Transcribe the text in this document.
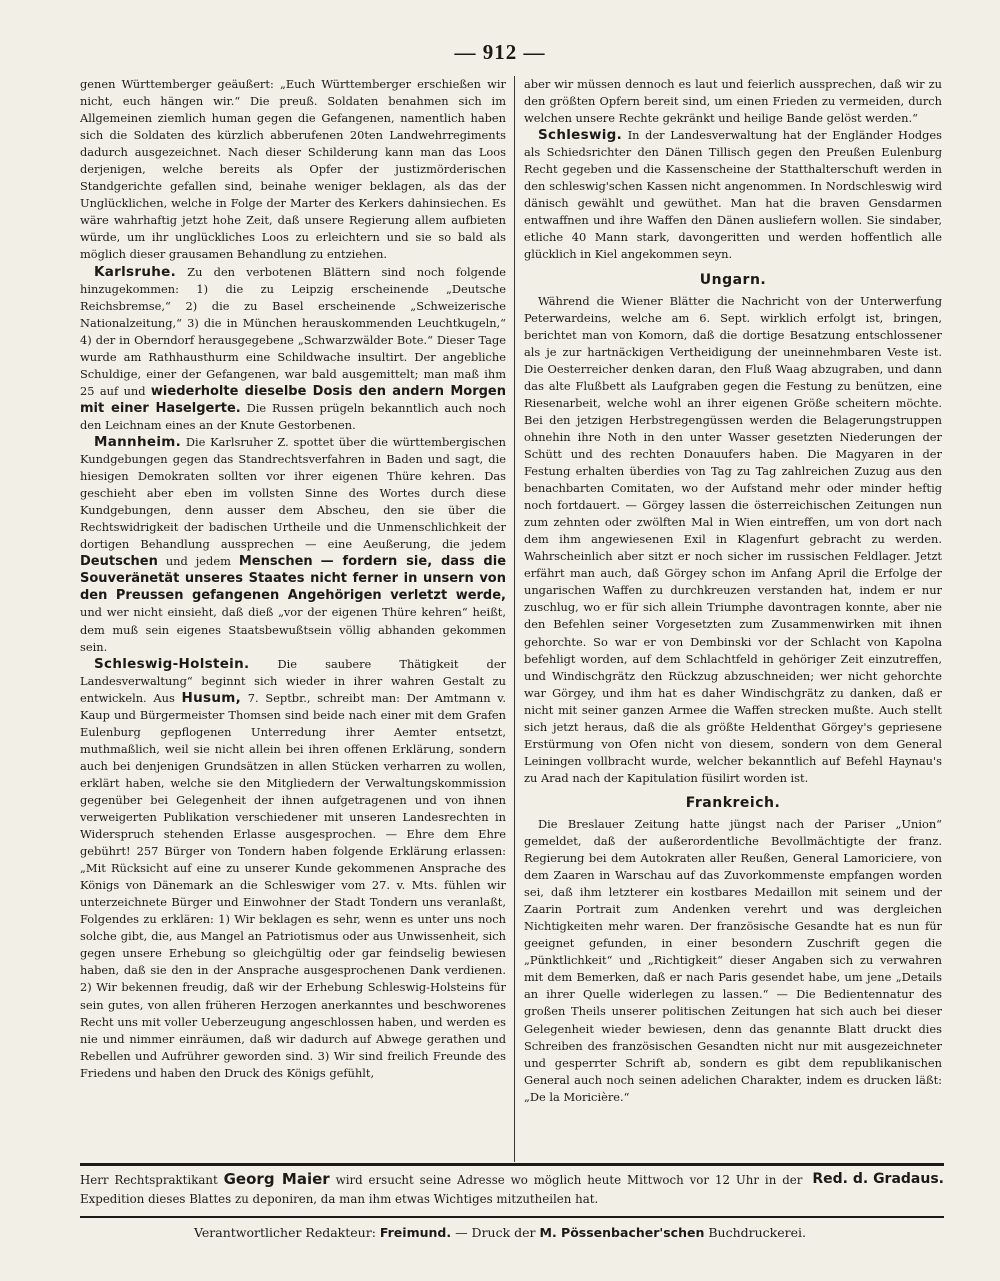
— 912 —

genen Württemberger geäußert: „Euch Württemberger erschießen wir nicht, euch hängen wir.“ Die preuß. Soldaten benahmen sich im Allgemeinen ziemlich human gegen die Gefangenen, namentlich haben sich die Soldaten des kürzlich abberufenen 20ten Landwehrregiments dadurch ausgezeichnet. Nach dieser Schilderung kann man das Loos derjenigen, welche bereits als Opfer der justizmörderischen Standgerichte gefallen sind, beinahe weniger beklagen, als das der Unglücklichen, welche in Folge der Marter des Kerkers dahinsiechen. Es wäre wahrhaftig jetzt hohe Zeit, daß unsere Regierung allem aufbieten würde, um ihr unglückliches Loos zu erleichtern und sie so bald als möglich dieser grausamen Behandlung zu entziehen.

Karlsruhe. Zu den verbotenen Blättern sind noch folgende hinzugekommen: 1) die zu Leipzig erscheinende „Deutsche Reichsbremse,“ 2) die zu Basel erscheinende „Schweizerische Nationalzeitung,“ 3) die in München herauskommenden Leuchtkugeln,“ 4) der in Oberndorf herausgegebene „Schwarzwälder Bote.“ Dieser Tage wurde am Rathhausthurm eine Schildwache insultirt. Der angebliche Schuldige, einer der Gefangenen, war bald ausgemittelt; man maß ihm 25 auf und wiederholte dieselbe Dosis den andern Morgen mit einer Haselgerte. Die Russen prügeln bekanntlich auch noch den Leichnam eines an der Knute Gestorbenen.

Mannheim. Die Karlsruher Z. spottet über die württembergischen Kundgebungen gegen das Standrechtsverfahren in Baden und sagt, die hiesigen Demokraten sollten vor ihrer eigenen Thüre kehren. Das geschieht aber eben im vollsten Sinne des Wortes durch diese Kundgebungen, denn ausser dem Abscheu, den sie über die Rechtswidrigkeit der badischen Urtheile und die Unmenschlichkeit der dortigen Behandlung aussprechen — eine Aeußerung, die jedem Deutschen und jedem Menschen — fordern sie, dass die Souveränetät unseres Staates nicht ferner in unsern von den Preussen gefangenen Angehörigen verletzt werde, und wer nicht einsieht, daß dieß „vor der eigenen Thüre kehren“ heißt, dem muß sein eigenes Staatsbewußtsein völlig abhanden gekommen sein.

Schleswig-Holstein. Die saubere Thätigkeit der Landesverwaltung“ beginnt sich wieder in ihrer wahren Gestalt zu entwickeln. Aus Husum, 7. Septbr., schreibt man: Der Amtmann v. Kaup und Bürgermeister Thomsen sind beide nach einer mit dem Grafen Eulenburg gepflogenen Unterredung ihrer Aemter entsetzt, muthmaßlich, weil sie nicht allein bei ihren offenen Erklärung, sondern auch bei denjenigen Grundsätzen in allen Stücken verharren zu wollen, erklärt haben, welche sie den Mitgliedern der Verwaltungskommission gegenüber bei Gelegenheit der ihnen aufgetragenen und von ihnen verweigerten Publikation verschiedener mit unseren Landesrechten in Widerspruch stehenden Erlasse ausgesprochen. — Ehre dem Ehre gebührt! 257 Bürger von Tondern haben folgende Erklärung erlassen: „Mit Rücksicht auf eine zu unserer Kunde gekommenen Ansprache des Königs von Dänemark an die Schleswiger vom 27. v. Mts. fühlen wir unterzeichnete Bürger und Einwohner der Stadt Tondern uns veranlaßt, Folgendes zu erklären: 1) Wir beklagen es sehr, wenn es unter uns noch solche gibt, die, aus Mangel an Patriotismus oder aus Unwissenheit, sich gegen unsere Erhebung so gleichgültig oder gar feindselig bewiesen haben, daß sie den in der Ansprache ausgesprochenen Dank verdienen. 2) Wir bekennen freudig, daß wir der Erhebung Schleswig-Holsteins für sein gutes, von allen früheren Herzogen anerkanntes und beschworenes Recht uns mit voller Ueberzeugung angeschlossen haben, und werden es nie und nimmer einräumen, daß wir dadurch auf Abwege gerathen und Rebellen und Aufrührer geworden sind. 3) Wir sind freilich Freunde des Friedens und haben den Druck des Königs gefühlt,

aber wir müssen dennoch es laut und feierlich aussprechen, daß wir zu den größten Opfern bereit sind, um einen Frieden zu vermeiden, durch welchen unsere Rechte gekränkt und heilige Bande gelöst werden.“

Schleswig. In der Landesverwaltung hat der Engländer Hodges als Schiedsrichter den Dänen Tillisch gegen den Preußen Eulenburg Recht gegeben und die Kassenscheine der Statthalterschuft werden in den schleswig'schen Kassen nicht angenommen. In Nordschleswig wird dänisch gewählt und gewüthet. Man hat die braven Gensdarmen entwaffnen und ihre Waffen den Dänen ausliefern wollen. Sie sindaber, etliche 40 Mann stark, davongeritten und werden hoffentlich alle glücklich in Kiel angekommen seyn.

Ungarn.

Während die Wiener Blätter die Nachricht von der Unterwerfung Peterwardeins, welche am 6. Sept. wirklich erfolgt ist, bringen, berichtet man von Komorn, daß die dortige Besatzung entschlossener als je zur hartnäckigen Vertheidigung der uneinnehmbaren Veste ist. Die Oesterreicher denken daran, den Fluß Waag abzugraben, und dann das alte Flußbett als Laufgraben gegen die Festung zu benützen, eine Riesenarbeit, welche wohl an ihrer eigenen Größe scheitern möchte. Bei den jetzigen Herbstregengüssen werden die Belagerungstruppen ohnehin ihre Noth in den unter Wasser gesetzten Niederungen der Schütt und des rechten Donauufers haben. Die Magyaren in der Festung erhalten überdies von Tag zu Tag zahlreichen Zuzug aus den benachbarten Comitaten, wo der Aufstand mehr oder minder heftig noch fortdauert. — Görgey lassen die österreichischen Zeitungen nun zum zehnten oder zwölften Mal in Wien eintreffen, um von dort nach dem ihm angewiesenen Exil in Klagenfurt gebracht zu werden. Wahrscheinlich aber sitzt er noch sicher im russischen Feldlager. Jetzt erfährt man auch, daß Görgey schon im Anfang April die Erfolge der ungarischen Waffen zu durchkreuzen verstanden hat, indem er nur zuschlug, wo er für sich allein Triumphe davontragen konnte, aber nie den Befehlen seiner Vorgesetzten zum Zusammenwirken mit ihnen gehorchte. So war er von Dembinski vor der Schlacht von Kapolna befehligt worden, auf dem Schlachtfeld in gehöriger Zeit einzutreffen, und Windischgrätz den Rückzug abzuschneiden; wer nicht gehorchte war Görgey, und ihm hat es daher Windischgrätz zu danken, daß er nicht mit seiner ganzen Armee die Waffen strecken mußte. Auch stellt sich jetzt heraus, daß die als größte Heldenthat Görgey's gepriesene Erstürmung von Ofen nicht von diesem, sondern von dem General Leiningen vollbracht wurde, welcher bekanntlich auf Befehl Haynau's zu Arad nach der Kapitulation füsilirt worden ist.

Frankreich.

Die Breslauer Zeitung hatte jüngst nach der Pariser „Union“ gemeldet, daß der außerordentliche Bevollmächtigte der franz. Regierung bei dem Autokraten aller Reußen, General Lamoriciere, von dem Zaaren in Warschau auf das Zuvorkommenste empfangen worden sei, daß ihm letzterer ein kostbares Medaillon mit seinem und der Zaarin Portrait zum Andenken verehrt und was dergleichen Nichtigkeiten mehr waren. Der französische Gesandte hat es nun für geeignet gefunden, in einer besondern Zuschrift gegen die „Pünktlichkeit“ und „Richtigkeit“ dieser Angaben sich zu verwahren mit dem Bemerken, daß er nach Paris gesendet habe, um jene „Details an ihrer Quelle widerlegen zu lassen.“ — Die Bedientennatur des großen Theils unserer politischen Zeitungen hat sich auch bei dieser Gelegenheit wieder bewiesen, denn das genannte Blatt druckt dies Schreiben des französischen Gesandten nicht nur mit ausgezeichneter und gesperrter Schrift ab, sondern es gibt dem republikanischen General auch noch seinen adelichen Charakter, indem es drucken läßt: „De la Moricière.“

Red. d. Gradaus.
Herr Rechtspraktikant Georg Maier wird ersucht seine Adresse wo möglich heute Mittwoch vor 12 Uhr in der Expedition dieses Blattes zu deponiren, da man ihm etwas Wichtiges mitzutheilen hat.
Verantwortlicher Redakteur: Freimund. — Druck der M. Pössenbacher'schen Buchdruckerei.
